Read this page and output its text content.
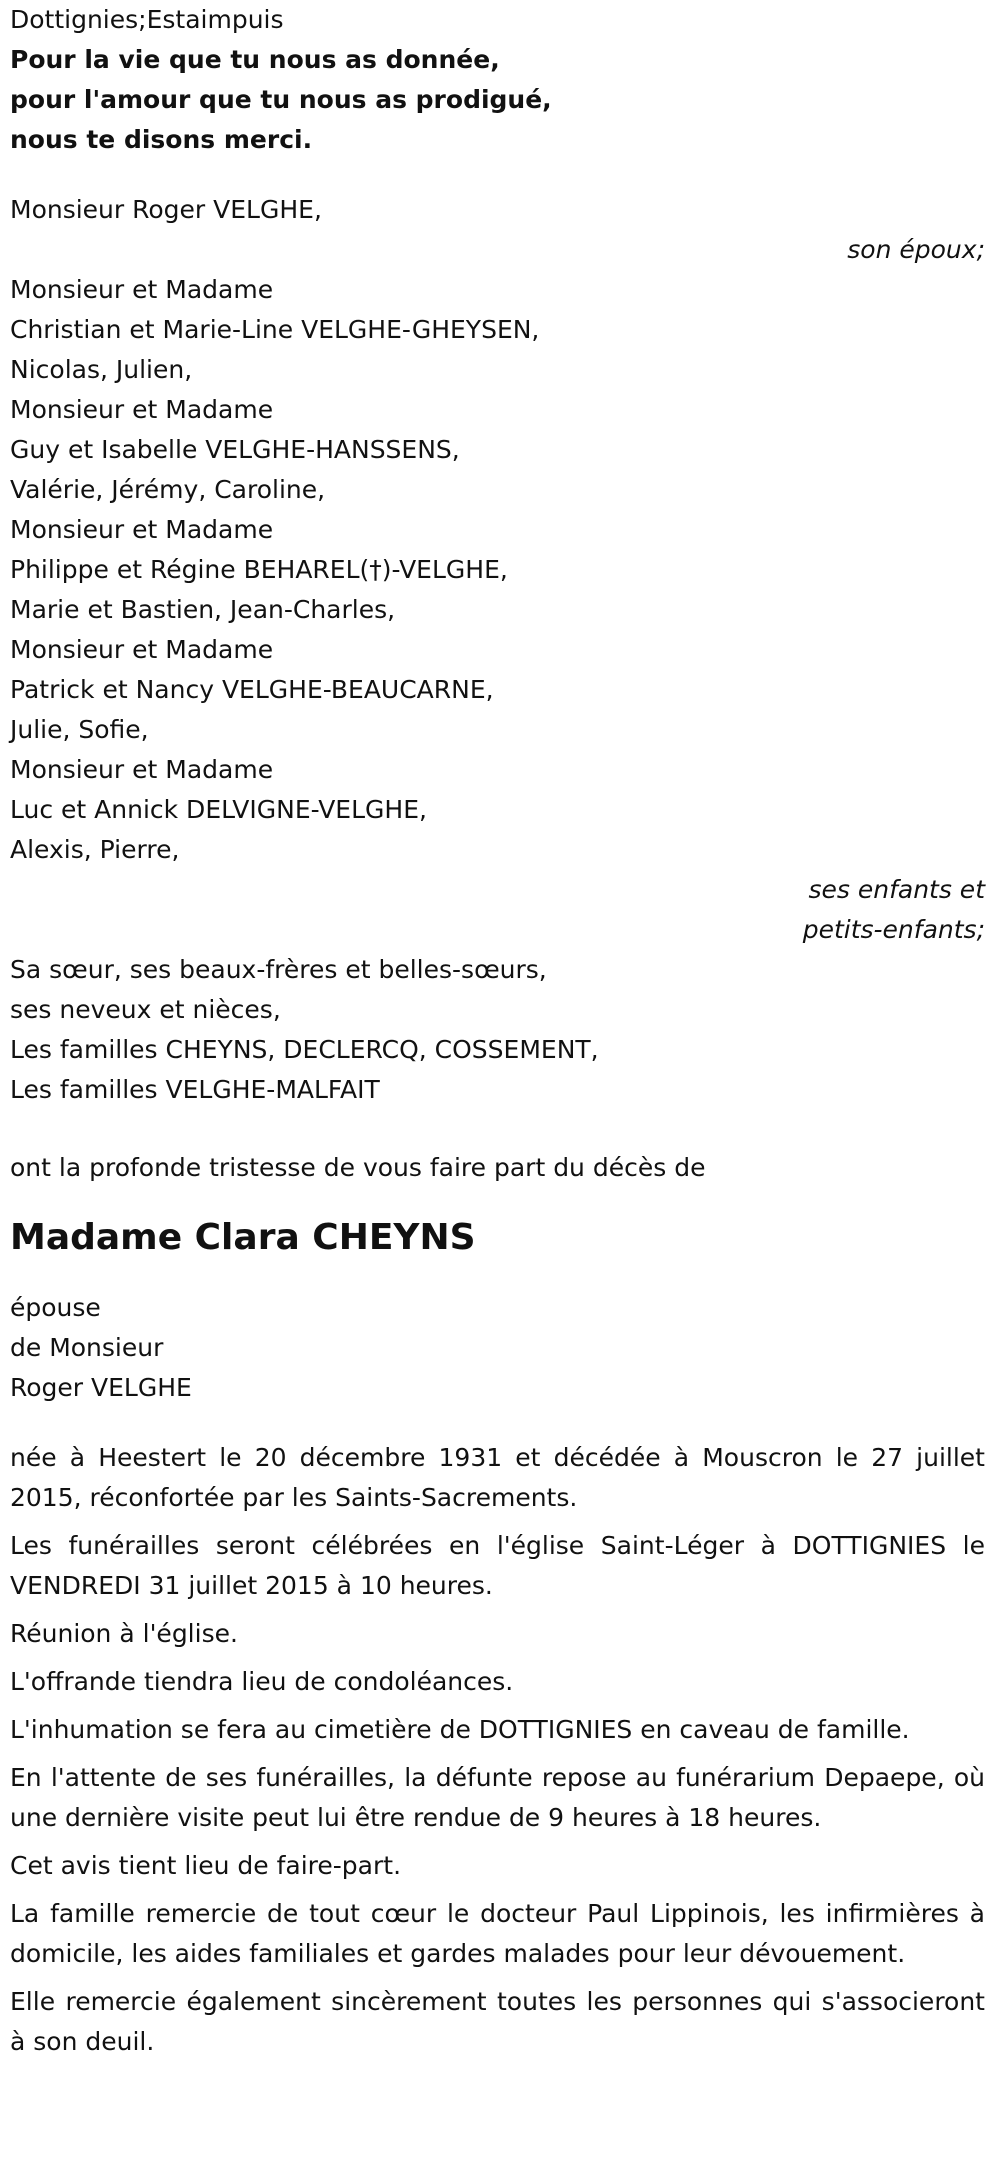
Dottignies;Estaimpuis

Pour la vie que tu nous as donnée,

pour l'amour que tu nous as prodigué,

nous te disons merci.

Monsieur Roger VELGHE,

son époux;

Monsieur et Madame

Christian et Marie-Line VELGHE-GHEYSEN,

Nicolas, Julien,

Monsieur et Madame

Guy et Isabelle VELGHE-HANSSENS,

Valérie, Jérémy, Caroline,

Monsieur et Madame

Philippe et Régine BEHAREL(†)-VELGHE,

Marie et Bastien, Jean-Charles,

Monsieur et Madame

Patrick et Nancy VELGHE-BEAUCARNE,

Julie, Sofie,

Monsieur et Madame

Luc et Annick DELVIGNE-VELGHE,

Alexis, Pierre,

ses enfants et

petits-enfants;

Sa sœur, ses beaux-frères et belles-sœurs,

ses neveux et nièces,

Les familles CHEYNS, DECLERCQ, COSSEMENT,

Les familles VELGHE-MALFAIT

ont la profonde tristesse de vous faire part du décès de

Madame Clara CHEYNS

épouse

de Monsieur

Roger VELGHE

née à Heestert le 20 décembre 1931 et décédée à Mouscron le 27 juillet 2015, réconfortée par les Saints-Sacrements.

Les funérailles seront célébrées en l'église Saint-Léger à DOTTIGNIES le VENDREDI 31 juillet 2015 à 10 heures.

Réunion à l'église.

L'offrande tiendra lieu de condoléances.

L'inhumation se fera au cimetière de DOTTIGNIES en caveau de famille.

En l'attente de ses funérailles, la défunte repose au funérarium Depaepe, où une dernière visite peut lui être rendue de 9 heures à 18 heures.

Cet avis tient lieu de faire-part.

La famille remercie de tout cœur le docteur Paul Lippinois, les infirmières à domicile, les aides familiales et gardes malades pour leur dévouement.

Elle remercie également sincèrement toutes les personnes qui s'associeront à son deuil.
